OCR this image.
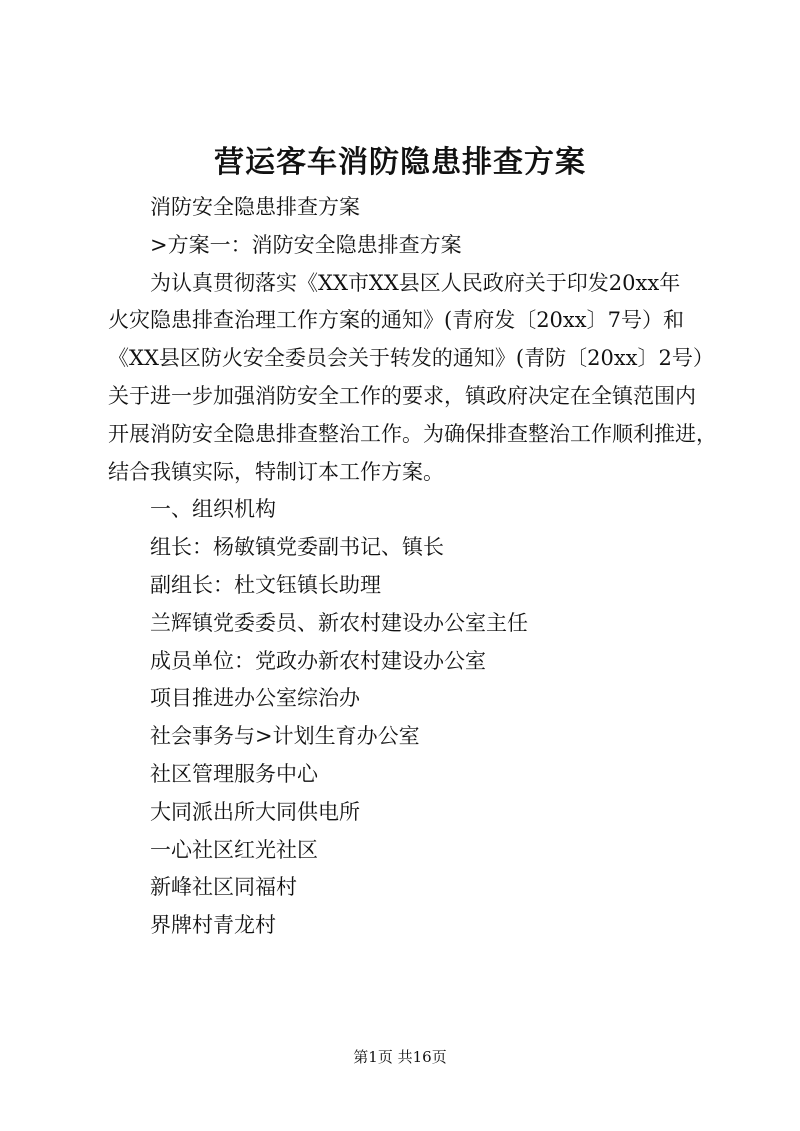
营运客车消防隐患排查方案

消防安全隐患排查方案

>方案一：消防安全隐患排查方案

为认真贯彻落实《XX市XX县区人民政府关于印发20xx年
火灾隐患排查治理工作方案的通知》(青府发〔20xx〕7号）和
《XX县区防火安全委员会关于转发的通知》(青防〔20xx〕2号）
关于进一步加强消防安全工作的要求，镇政府决定在全镇范围内
开展消防安全隐患排查整治工作。为确保排查整治工作顺利推进，
结合我镇实际，特制订本工作方案。

一、组织机构

组长：杨敏镇党委副书记、镇长

副组长：杜文钰镇长助理

兰辉镇党委委员、新农村建设办公室主任

成员单位：党政办新农村建设办公室

项目推进办公室综治办

社会事务与>计划生育办公室

社区管理服务中心

大同派出所大同供电所

一心社区红光社区

新峰社区同福村

界牌村青龙村

第1页 共16页
